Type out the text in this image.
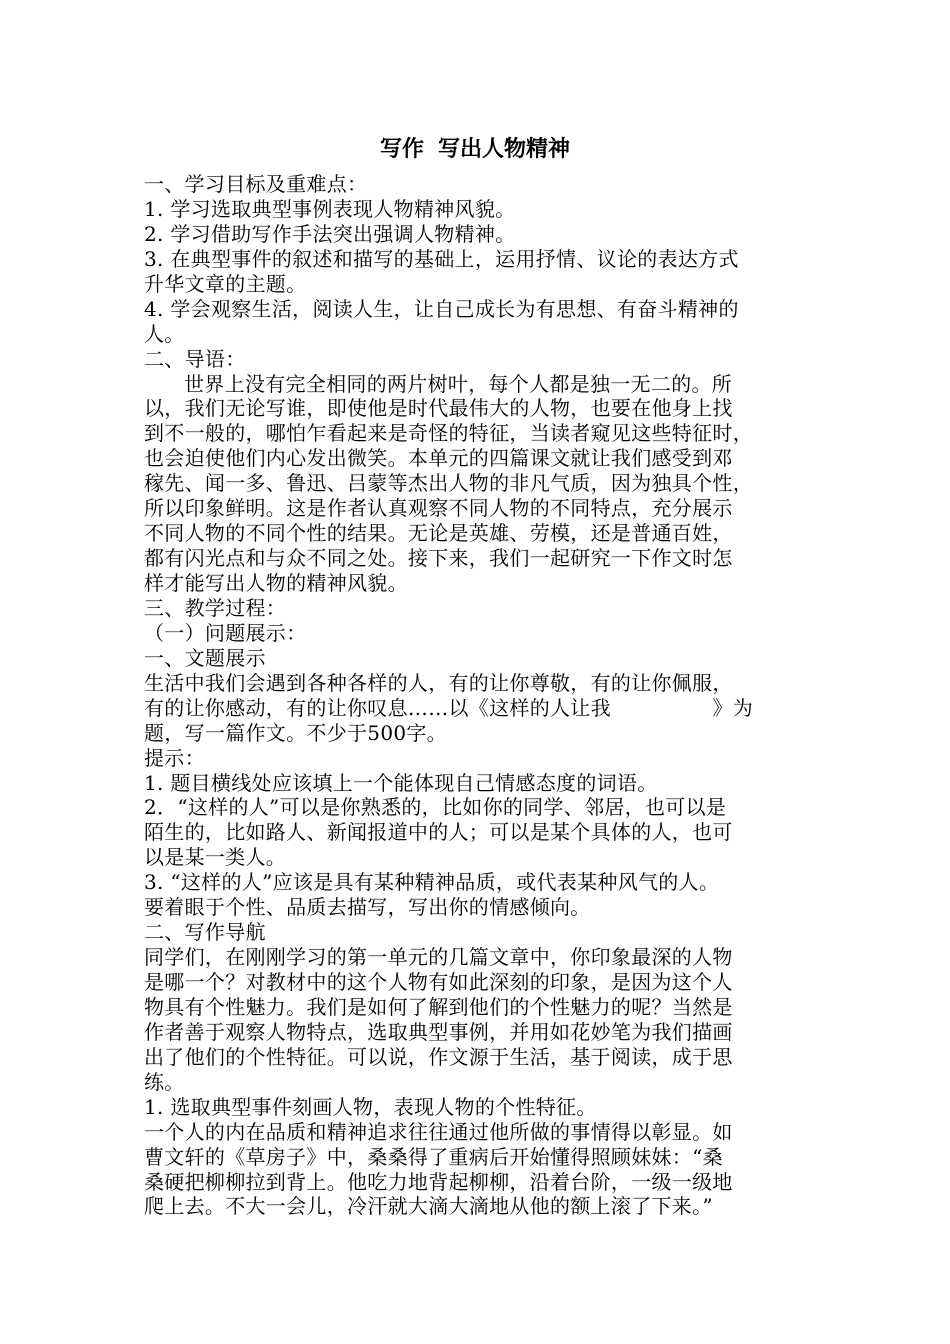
写作 写出人物精神
一、学习目标及重难点：
1. 学习选取典型事例表现人物精神风貌。
2. 学习借助写作手法突出强调人物精神。
3. 在典型事件的叙述和描写的基础上，运用抒情、议论的表达方式
升华文章的主题。
4. 学会观察生活，阅读人生，让自己成长为有思想、有奋斗精神的
人。
二、导语：
世界上没有完全相同的两片树叶，每个人都是独一无二的。所
以，我们无论写谁，即使他是时代最伟大的人物，也要在他身上找
到不一般的，哪怕乍看起来是奇怪的特征，当读者窥见这些特征时，
也会迫使他们内心发出微笑。本单元的四篇课文就让我们感受到邓
稼先、闻一多、鲁迅、吕蒙等杰出人物的非凡气质，因为独具个性，
所以印象鲜明。这是作者认真观察不同人物的不同特点，充分展示
不同人物的不同个性的结果。无论是英雄、劳模，还是普通百姓，
都有闪光点和与众不同之处。接下来，我们一起研究一下作文时怎
样才能写出人物的精神风貌。
三、教学过程：
（一）问题展示：
一、文题展示
生活中我们会遇到各种各样的人，有的让你尊敬，有的让你佩服，
有的让你感动，有的让你叹息……以《这样的人让我　　　　　》为
题，写一篇作文。不少于500字。
提示：
1. 题目横线处应该填上一个能体现自己情感态度的词语。
2．“这样的人”可以是你熟悉的，比如你的同学、邻居，也可以是
陌生的，比如路人、新闻报道中的人；可以是某个具体的人，也可
以是某一类人。
3. “这样的人”应该是具有某种精神品质，或代表某种风气的人。
要着眼于个性、品质去描写，写出你的情感倾向。
二、写作导航
同学们，在刚刚学习的第一单元的几篇文章中，你印象最深的人物
是哪一个？对教材中的这个人物有如此深刻的印象，是因为这个人
物具有个性魅力。我们是如何了解到他们的个性魅力的呢？当然是
作者善于观察人物特点，选取典型事例，并用如花妙笔为我们描画
出了他们的个性特征。可以说，作文源于生活，基于阅读，成于思
练。
1. 选取典型事件刻画人物，表现人物的个性特征。
一个人的内在品质和精神追求往往通过他所做的事情得以彰显。如
曹文轩的《草房子》中，桑桑得了重病后开始懂得照顾妹妹：“桑
桑硬把柳柳拉到背上。他吃力地背起柳柳，沿着台阶，一级一级地
爬上去。不大一会儿，冷汗就大滴大滴地从他的额上滚了下来。”
